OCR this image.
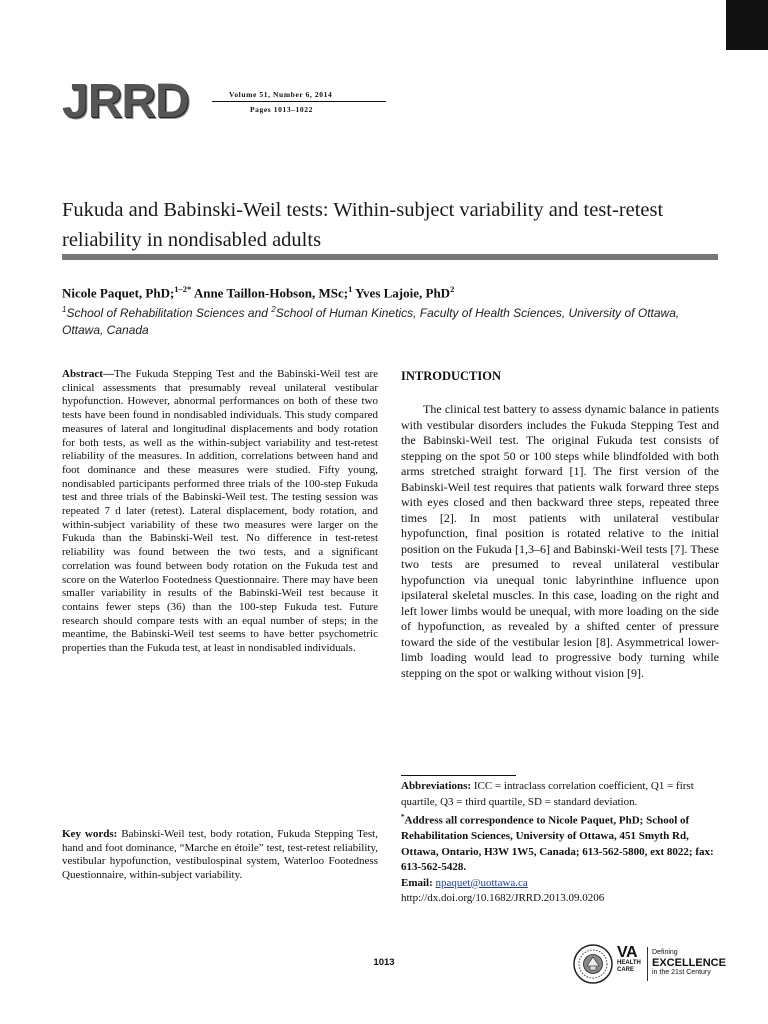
JRRD	Volume 51, Number 6, 2014
Pages 1013–1022
Fukuda and Babinski-Weil tests: Within-subject variability and test-retest reliability in nondisabled adults
Nicole Paquet, PhD;$^{1-2*}$ Anne Taillon-Hobson, MSc;$^1$ Yves Lajoie, PhD$^2$
$^1$School of Rehabilitation Sciences and $^2$School of Human Kinetics, Faculty of Health Sciences, University of Ottawa, Ottawa, Canada
Abstract—The Fukuda Stepping Test and the Babinski-Weil test are clinical assessments that presumably reveal unilateral vestibular hypofunction. However, abnormal performances on both of these two tests have been found in nondisabled individuals. This study compared measures of lateral and longitudinal displacements and body rotation for both tests, as well as the within-subject variability and test-retest reliability of the measures. In addition, correlations between hand and foot dominance and these measures were studied. Fifty young, nondisabled participants performed three trials of the 100-step Fukuda test and three trials of the Babinski-Weil test. The testing session was repeated 7 d later (retest). Lateral displacement, body rotation, and within-subject variability of these two measures were larger on the Fukuda than the Babinski-Weil test. No difference in test-retest reliability was found between the two tests, and a significant correlation was found between body rotation on the Fukuda test and score on the Waterloo Footedness Questionnaire. There may have been smaller variability in results of the Babinski-Weil test because it contains fewer steps (36) than the 100-step Fukuda test. Future research should compare tests with an equal number of steps; in the meantime, the Babinski-Weil test seems to have better psychometric properties than the Fukuda test, at least in nondisabled individuals.
Key words: Babinski-Weil test, body rotation, Fukuda Stepping Test, hand and foot dominance, “Marche en étoile” test, test-retest reliability, vestibular hypofunction, vestibulospinal system, Waterloo Footedness Questionnaire, within-subject variability.
INTRODUCTION
The clinical test battery to assess dynamic balance in patients with vestibular disorders includes the Fukuda Stepping Test and the Babinski-Weil test. The original Fukuda test consists of stepping on the spot 50 or 100 steps while blindfolded with both arms stretched straight forward [1]. The first version of the Babinski-Weil test requires that patients walk forward three steps with eyes closed and then backward three steps, repeated three times [2]. In most patients with unilateral vestibular hypofunction, final position is rotated relative to the initial position on the Fukuda [1,3–6] and Babinski-Weil tests [7]. These two tests are presumed to reveal unilateral vestibular hypofunction via unequal tonic labyrinthine influence upon ipsilateral skeletal muscles. In this case, loading on the right and left lower limbs would be unequal, with more loading on the side of hypofunction, as revealed by a shifted center of pressure toward the side of the vestibular lesion [8]. Asymmetrical lower-limb loading would lead to progressive body turning while stepping on the spot or walking without vision [9].
Abbreviations: ICC = intraclass correlation coefficient, Q1 = first quartile, Q3 = third quartile, SD = standard deviation.
*Address all correspondence to Nicole Paquet, PhD; School of Rehabilitation Sciences, University of Ottawa, 451 Smyth Rd, Ottawa, Ontario, H3W 1W5, Canada; 613-562-5800, ext 8022; fax: 613-562-5428.
Email: npaquet@uottawa.ca
http://dx.doi.org/10.1682/JRRD.2013.09.0206
1013
VA
HEALTH
CARE
Defining
EXCELLENCE
in the 21st Century
